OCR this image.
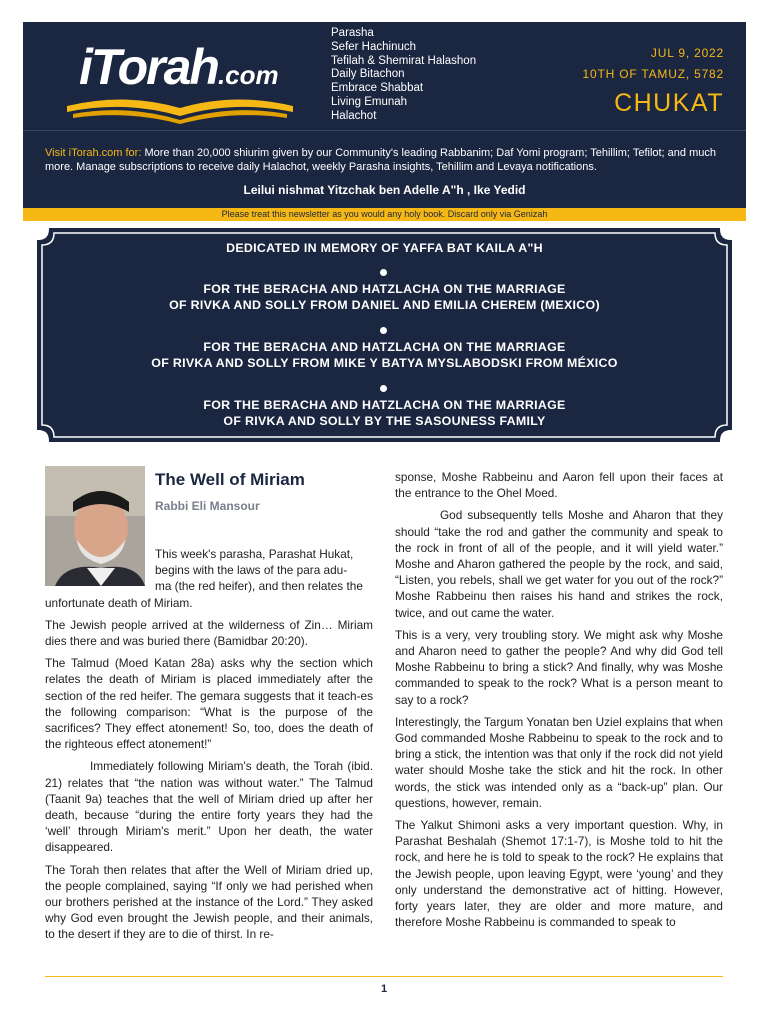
iTorah.com
Parasha
Sefer Hachinuch
Tefilah & Shemirat Halashon
Daily Bitachon
Embrace Shabbat
Living Emunah
Halachot
JUL 9, 2022
10TH OF TAMUZ, 5782
CHUKAT
Visit iTorah.com for: More than 20,000 shiurim given by our Community's leading Rabbanim; Daf Yomi program; Tehillim; Tefilot; and much more. Manage subscriptions to receive daily Halachot, weekly Parasha insights, Tehillim and Levaya notifications.
Leilui nishmat Yitzchak ben Adelle A"h , Ike Yedid
Please treat this newsletter as you would any holy book. Discard only via Genizah
DEDICATED IN MEMORY OF YAFFA BAT KAILA A"H
FOR THE BERACHA AND HATZLACHA ON THE MARRIAGE
OF RIVKA AND SOLLY FROM DANIEL AND EMILIA CHEREM (MEXICO)
FOR THE BERACHA AND HATZLACHA ON THE MARRIAGE
OF RIVKA AND SOLLY FROM MIKE Y BATYA MYSLABODSKI FROM MÉXICO
FOR THE BERACHA AND HATZLACHA ON THE MARRIAGE
OF RIVKA AND SOLLY BY THE SASOUNESS FAMILY
The Well of Miriam
Rabbi Eli Mansour
This week's parasha, Parashat Hukat,
begins with the laws of the para adu-
ma (the red heifer), and then relates the
unfortunate death of Miriam.

The Jewish people arrived at the wilderness of Zin… Miriam dies there and was buried there (Bamidbar 20:20).

The Talmud (Moed Katan 28a) asks why the section which relates the death of Miriam is placed immediately after the section of the red heifer. The gemara suggests that it teach-es the following comparison: “What is the purpose of the sacrifices? They effect atonement! So, too, does the death of the righteous effect atonement!”

Immediately following Miriam's death, the Torah (ibid. 21) relates that “the nation was without water.” The Talmud (Taanit 9a) teaches that the well of Miriam dried up after her death, because “during the entire forty years they had the ‘well’ through Miriam's merit.” Upon her death, the water disappeared.

The Torah then relates that after the Well of Miriam dried up, the people complained, saying “If only we had perished when our brothers perished at the instance of the Lord.” They asked why God even brought the Jewish people, and their animals, to the desert if they are to die of thirst. In re-

sponse, Moshe Rabbeinu and Aaron fell upon their faces at the entrance to the Ohel Moed.

God subsequently tells Moshe and Aharon that they should “take the rod and gather the community and speak to the rock in front of all of the people, and it will yield water.” Moshe and Aharon gathered the people by the rock, and said, “Listen, you rebels, shall we get water for you out of the rock?” Moshe Rabbeinu then raises his hand and strikes the rock, twice, and out came the water.

This is a very, very troubling story. We might ask why Moshe and Aharon need to gather the people? And why did God tell Moshe Rabbeinu to bring a stick? And finally, why was Moshe commanded to speak to the rock? What is a person meant to say to a rock?

Interestingly, the Targum Yonatan ben Uziel explains that when God commanded Moshe Rabbeinu to speak to the rock and to bring a stick, the intention was that only if the rock did not yield water should Moshe take the stick and hit the rock. In other words, the stick was intended only as a “back-up” plan. Our questions, however, remain.

The Yalkut Shimoni asks a very important question. Why, in Parashat Beshalah (Shemot 17:1-7), is Moshe told to hit the rock, and here he is told to speak to the rock? He explains that the Jewish people, upon leaving Egypt, were ‘young’ and they only understand the demonstrative act of hitting. However, forty years later, they are older and more mature, and therefore Moshe Rabbeinu is commanded to speak to

1
